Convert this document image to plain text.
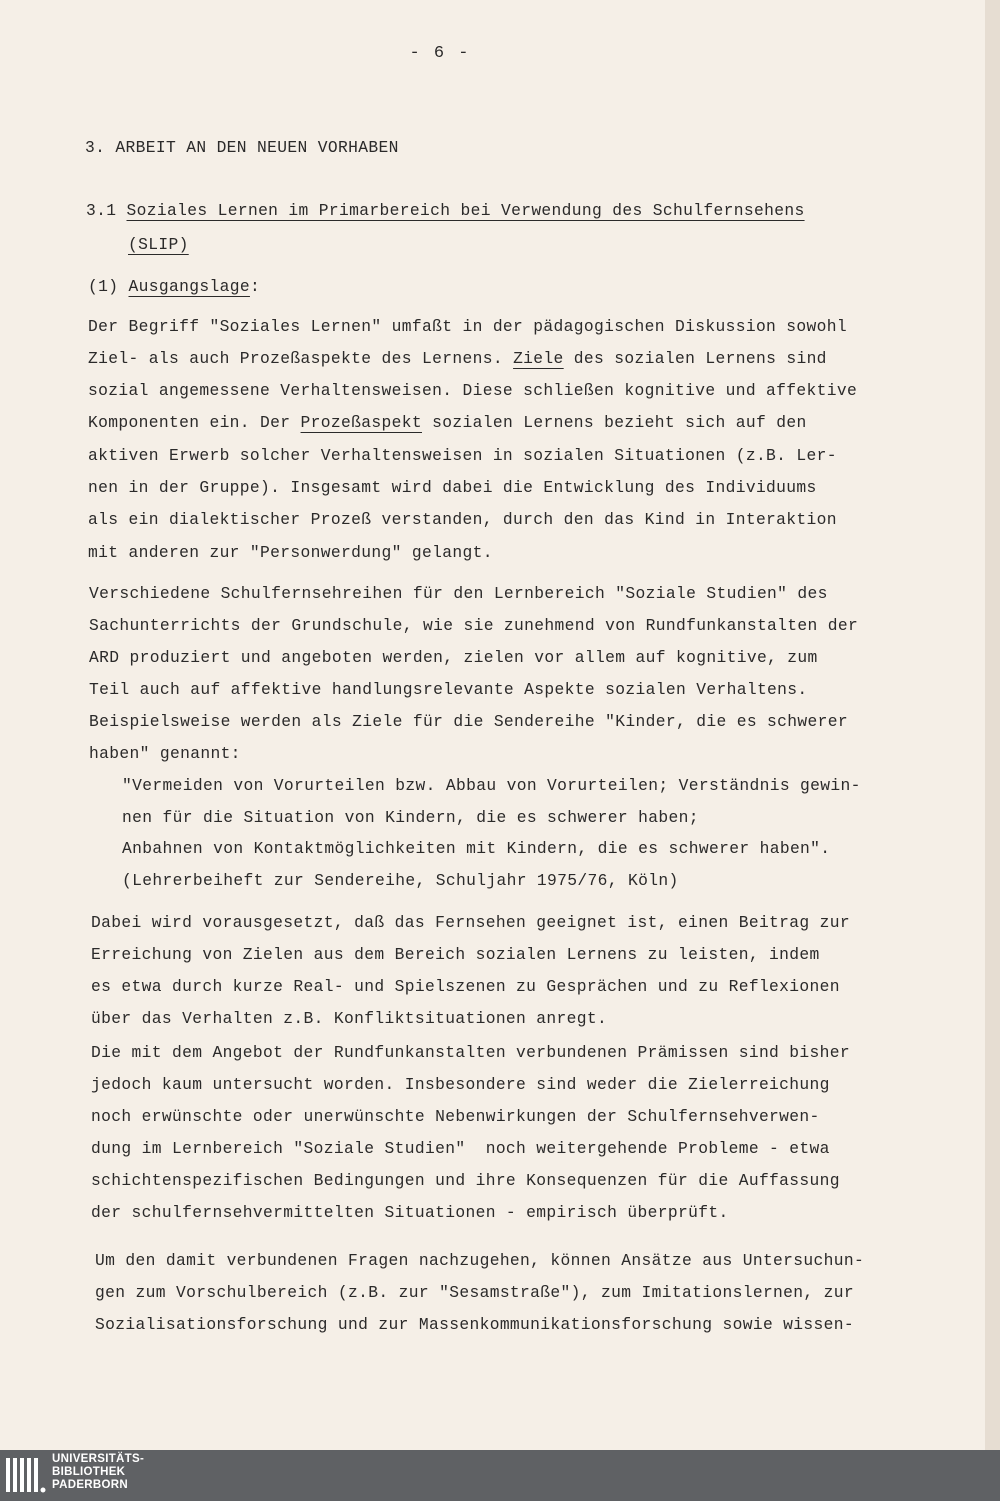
- 6 -
3. ARBEIT AN DEN NEUEN VORHABEN
3.1 Soziales Lernen im Primarbereich bei Verwendung des Schulfernsehens
(SLIP)
(1) Ausgangslage:
Der Begriff "Soziales Lernen" umfaßt in der pädagogischen Diskussion sowohl
Ziel- als auch Prozeßaspekte des Lernens. Ziele des sozialen Lernens sind
sozial angemessene Verhaltensweisen. Diese schließen kognitive und affektive
Komponenten ein. Der Prozeßaspekt sozialen Lernens bezieht sich auf den
aktiven Erwerb solcher Verhaltensweisen in sozialen Situationen (z.B. Ler-
nen in der Gruppe). Insgesamt wird dabei die Entwicklung des Individuums
als ein dialektischer Prozeß verstanden, durch den das Kind in Interaktion
mit anderen zur "Personwerdung" gelangt.
Verschiedene Schulfernsehreihen für den Lernbereich "Soziale Studien" des
Sachunterrichts der Grundschule, wie sie zunehmend von Rundfunkanstalten der
ARD produziert und angeboten werden, zielen vor allem auf kognitive, zum
Teil auch auf affektive handlungsrelevante Aspekte sozialen Verhaltens.
Beispielsweise werden als Ziele für die Sendereihe "Kinder, die es schwerer
haben" genannt:
"Vermeiden von Vorurteilen bzw. Abbau von Vorurteilen; Verständnis gewin-
nen für die Situation von Kindern, die es schwerer haben;
Anbahnen von Kontaktmöglichkeiten mit Kindern, die es schwerer haben".
(Lehrerbeiheft zur Sendereihe, Schuljahr 1975/76, Köln)
Dabei wird vorausgesetzt, daß das Fernsehen geeignet ist, einen Beitrag zur
Erreichung von Zielen aus dem Bereich sozialen Lernens zu leisten, indem
es etwa durch kurze Real- und Spielszenen zu Gesprächen und zu Reflexionen
über das Verhalten z.B. Konfliktsituationen anregt.
Die mit dem Angebot der Rundfunkanstalten verbundenen Prämissen sind bisher
jedoch kaum untersucht worden. Insbesondere sind weder die Zielerreichung
noch erwünschte oder unerwünschte Nebenwirkungen der Schulfernsehverwen-
dung im Lernbereich "Soziale Studien"  noch weitergehende Probleme - etwa
schichtenspezifischen Bedingungen und ihre Konsequenzen für die Auffassung
der schulfernsehvermittelten Situationen - empirisch überprüft.
Um den damit verbundenen Fragen nachzugehen, können Ansätze aus Untersuchun-
gen zum Vorschulbereich (z.B. zur "Sesamstraße"), zum Imitationslernen, zur
Sozialisationsforschung und zur Massenkommunikationsforschung sowie wissen-
UNIVERSITÄTS-
BIBLIOTHEK
PADERBORN
